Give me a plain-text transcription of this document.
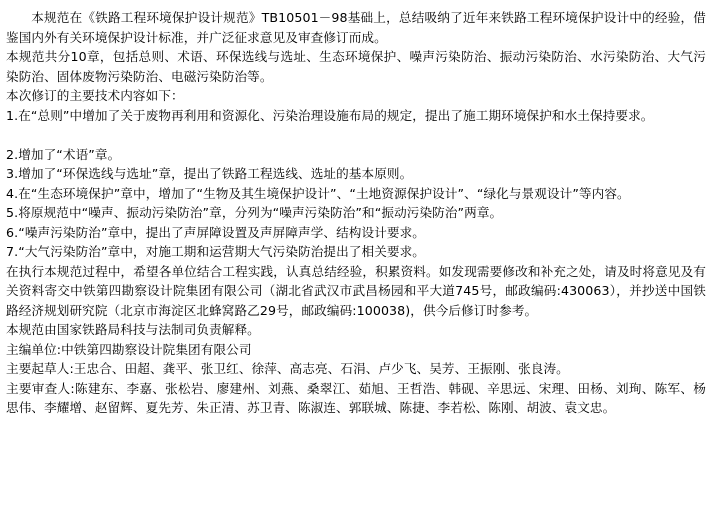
本规范在《铁路工程环境保护设计规范》TB10501－98基础上，总结吸纳了近年来铁路工程环境保护设计中的经验，借鉴国内外有关环境保护设计标准，并广泛征求意见及审查修订而成。

本规范共分10章，包括总则、术语、环保选线与选址、生态环境保护、噪声污染防治、振动污染防治、水污染防治、大气污染防治、固体废物污染防治、电磁污染防治等。

本次修订的主要技术内容如下：

1.在“总则”中增加了关于废物再利用和资源化、污染治理设施布局的规定，提出了施工期环境保护和水土保持要求。

2.增加了“术语”章。

3.增加了“环保选线与选址”章，提出了铁路工程选线、选址的基本原则。

4.在“生态环境保护”章中，增加了“生物及其生境保护设计”、“土地资源保护设计”、“绿化与景观设计”等内容。

5.将原规范中“噪声、振动污染防治”章，分列为“噪声污染防治”和“振动污染防治”两章。

6.“噪声污染防治”章中，提出了声屏障设置及声屏障声学、结构设计要求。

7.“大气污染防治”章中，对施工期和运营期大气污染防治提出了相关要求。

在执行本规范过程中，希望各单位结合工程实践，认真总结经验，积累资料。如发现需要修改和补充之处，请及时将意见及有关资料寄交中铁第四勘察设计院集团有限公司（湖北省武汉市武昌杨园和平大道745号，邮政编码:430063），并抄送中国铁路经济规划研究院（北京市海淀区北蜂窝路乙29号，邮政编码:100038)，供今后修订时参考。

本规范由国家铁路局科技与法制司负责解释。

主编单位:中铁第四勘察设计院集团有限公司

主要起草人:王忠合、田超、龚平、张卫红、徐萍、高志亮、石涓、卢少飞、吴芳、王振刚、张良涛。

主要审查人:陈建东、李嘉、张松岩、廖建州、刘燕、桑翠江、茹旭、王哲浩、韩砚、辛思远、宋理、田杨、刘珣、陈军、杨思伟、李耀增、赵留辉、夏先芳、朱正清、苏卫青、陈淑连、郭联城、陈捷、李若松、陈刚、胡波、袁文忠。
